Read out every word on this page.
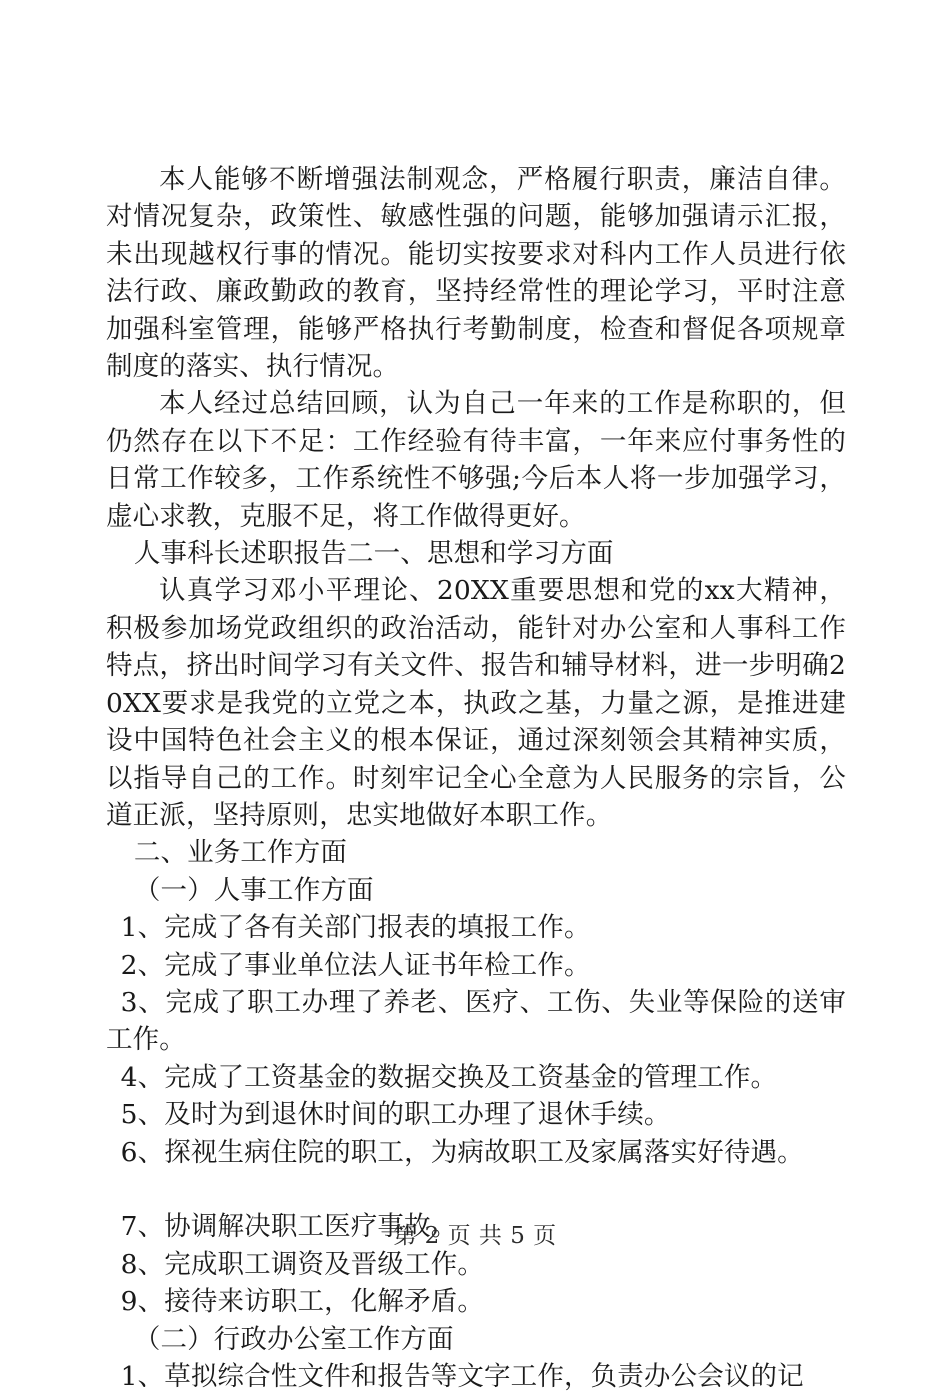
本人能够不断增强法制观念，严格履行职责，廉洁自律。对情况复杂，政策性、敏感性强的问题，能够加强请示汇报，未出现越权行事的情况。能切实按要求对科内工作人员进行依法行政、廉政勤政的教育，坚持经常性的理论学习，平时注意加强科室管理，能够严格执行考勤制度，检查和督促各项规章制度的落实、执行情况。

本人经过总结回顾，认为自己一年来的工作是称职的，但仍然存在以下不足：工作经验有待丰富，一年来应付事务性的日常工作较多，工作系统性不够强;今后本人将一步加强学习，虚心求教，克服不足，将工作做得更好。

人事科长述职报告二一、思想和学习方面

认真学习邓小平理论、20XX重要思想和党的xx大精神，积极参加场党政组织的政治活动，能针对办公室和人事科工作特点，挤出时间学习有关文件、报告和辅导材料，进一步明确20XX要求是我党的立党之本，执政之基，力量之源，是推进建设中国特色社会主义的根本保证，通过深刻领会其精神实质，以指导自己的工作。时刻牢记全心全意为人民服务的宗旨，公道正派，坚持原则，忠实地做好本职工作。

二、业务工作方面

（一）人事工作方面

1、完成了各有关部门报表的填报工作。

2、完成了事业单位法人证书年检工作。

3、完成了职工办理了养老、医疗、工伤、失业等保险的送审工作。

4、完成了工资基金的数据交换及工资基金的管理工作。

5、及时为到退休时间的职工办理了退休手续。

6、探视生病住院的职工，为病故职工及家属落实好待遇。

7、协调解决职工医疗事故。

8、完成职工调资及晋级工作。

9、接待来访职工，化解矛盾。

（二）行政办公室工作方面

1、草拟综合性文件和报告等文字工作，负责办公会议的记

第 2 页 共 5 页
